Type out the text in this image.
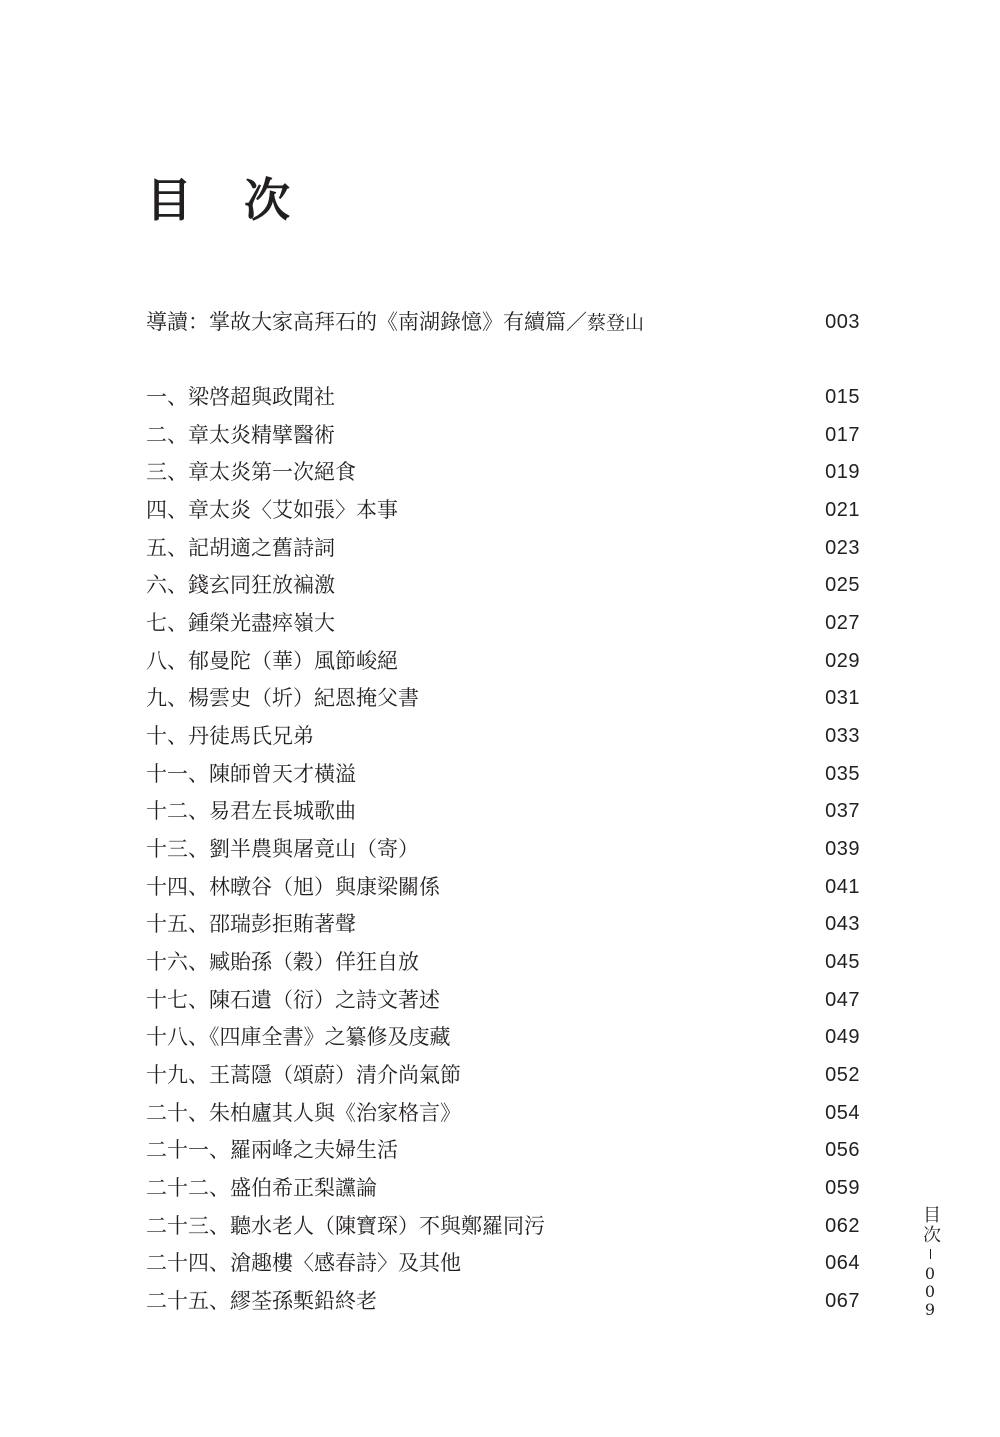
目 次
導讀：掌故大家高拜石的《南湖錄憶》有續篇／蔡登山	003
一、梁啓超與政聞社	015
二、章太炎精擘醫術	017
三、章太炎第一次絕食	019
四、章太炎〈艾如張〉本事	021
五、記胡適之舊詩詞	023
六、錢玄同狂放褊激	025
七、鍾榮光盡瘁嶺大	027
八、郁曼陀（華）風節峻絕	029
九、楊雲史（圻）紀恩掩父書	031
十、丹徒馬氏兄弟	033
十一、陳師曾天才橫溢	035
十二、易君左長城歌曲	037
十三、劉半農與屠竟山（寄）	039
十四、林暾谷（旭）與康梁關係	041
十五、邵瑞彭拒賄著聲	043
十六、臧貽孫（穀）佯狂自放	045
十七、陳石遺（衍）之詩文著述	047
十八、《四庫全書》之纂修及庋藏	049
十九、王蒿隱（頌蔚）清介尚氣節	052
二十、朱柏廬其人與《治家格言》	054
二十一、羅兩峰之夫婦生活	056
二十二、盛伯希正梨讜論	059
二十三、聽水老人（陳寶琛）不與鄭羅同污	062
二十四、滄趣樓〈感春詩〉及其他	064
二十五、繆荃孫槧鉛終老	067
目次
0
0
9
